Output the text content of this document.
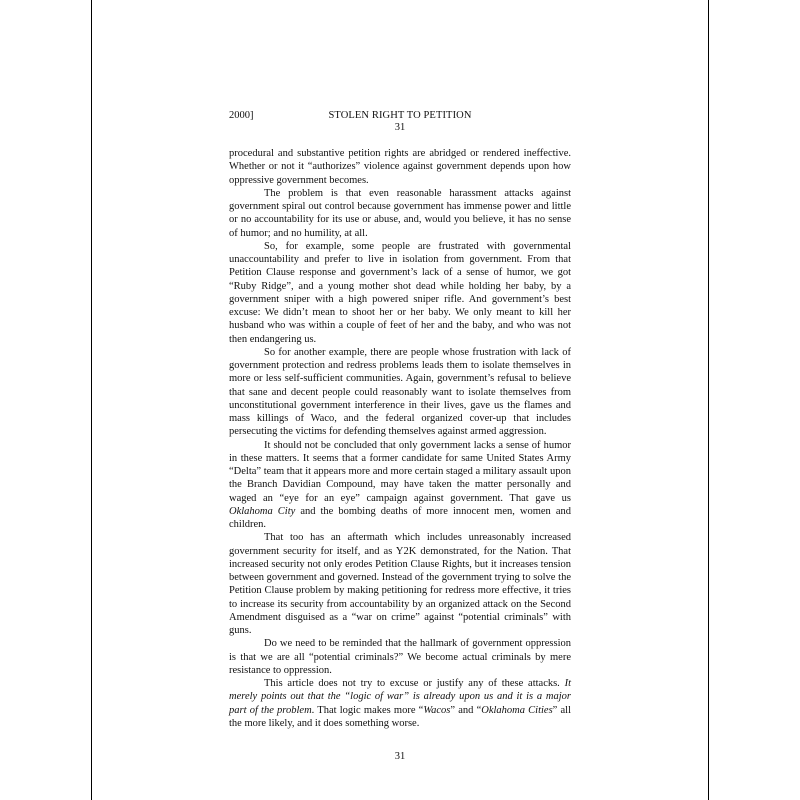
2000]	STOLEN RIGHT TO PETITION
31

procedural and substantive petition rights are abridged or rendered ineffective. Whether or not it “authorizes” violence against government depends upon how oppressive government becomes.

The problem is that even reasonable harassment attacks against government spiral out control because government has immense power and little or no accountability for its use or abuse, and, would you believe, it has no sense of humor; and no humility, at all.

So, for example, some people are frustrated with governmental unaccountability and prefer to live in isolation from government. From that Petition Clause response and government’s lack of a sense of humor, we got “Ruby Ridge”, and a young mother shot dead while holding her baby, by a government sniper with a high powered sniper rifle. And government’s best excuse: We didn’t mean to shoot her or her baby. We only meant to kill her husband who was within a couple of feet of her and the baby, and who was not then endangering us.

So for another example, there are people whose frustration with lack of government protection and redress problems leads them to isolate themselves in more or less self-sufficient communities. Again, government’s refusal to believe that sane and decent people could reasonably want to isolate themselves from unconstitutional government interference in their lives, gave us the flames and mass killings of Waco, and the federal organized cover-up that includes persecuting the victims for defending themselves against armed aggression.

It should not be concluded that only government lacks a sense of humor in these matters. It seems that a former candidate for same United States Army “Delta” team that it appears more and more certain staged a military assault upon the Branch Davidian Compound, may have taken the matter personally and waged an “eye for an eye” campaign against government. That gave us Oklahoma City and the bombing deaths of more innocent men, women and children.

That too has an aftermath which includes unreasonably increased government security for itself, and as Y2K demonstrated, for the Nation. That increased security not only erodes Petition Clause Rights, but it increases tension between government and governed. Instead of the government trying to solve the Petition Clause problem by making petitioning for redress more effective, it tries to increase its security from accountability by an organized attack on the Second Amendment disguised as a “war on crime” against “potential criminals” with guns.

Do we need to be reminded that the hallmark of government oppression is that we are all “potential criminals?” We become actual criminals by mere resistance to oppression.

This article does not try to excuse or justify any of these attacks. It merely points out that the “logic of war” is already upon us and it is a major part of the problem. That logic makes more “Wacos” and “Oklahoma Cities” all the more likely, and it does something worse.

31
